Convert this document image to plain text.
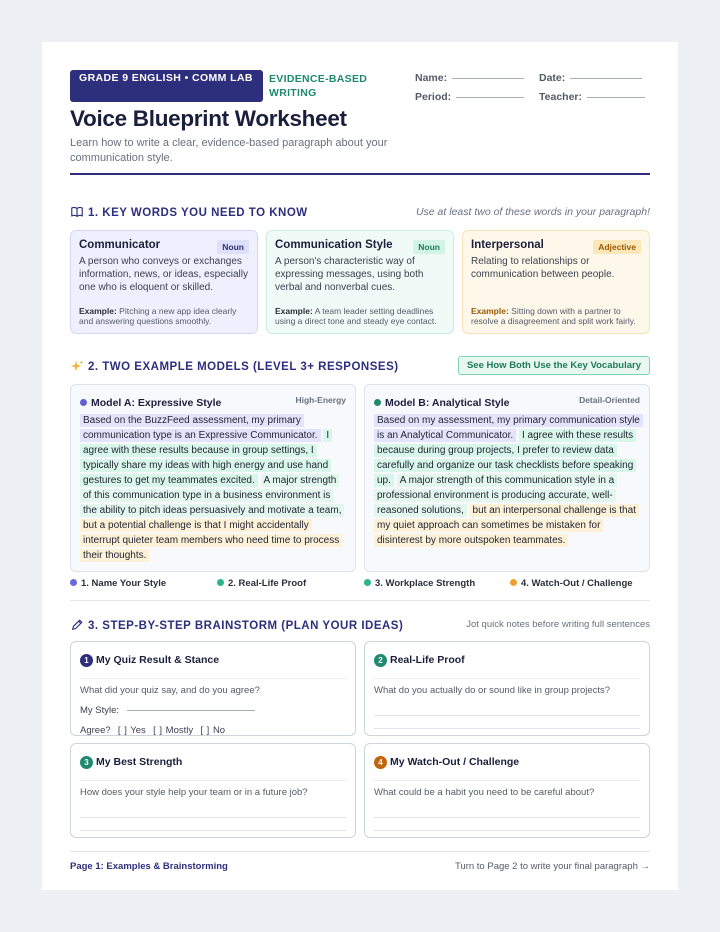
GRADE 9 ENGLISH • COMM LAB	EVIDENCE-BASED WRITING
Name:	Date:
Period:	Teacher:
Voice Blueprint Worksheet
Learn how to write a clear, evidence-based paragraph about your communication style.
1. KEY WORDS YOU NEED TO KNOW	Use at least two of these words in your paragraph!
Communicator	Noun
A person who conveys or exchanges information, news, or ideas, especially one who is eloquent or skilled.
Example: Pitching a new app idea clearly and answering questions smoothly.
Communication Style	Noun
A person's characteristic way of expressing messages, using both verbal and nonverbal cues.
Example: A team leader setting deadlines using a direct tone and steady eye contact.
Interpersonal	Adjective
Relating to relationships or communication between people.
Example: Sitting down with a partner to resolve a disagreement and split work fairly.
2. TWO EXAMPLE MODELS (LEVEL 3+ RESPONSES)	See How Both Use the Key Vocabulary
Model A: Expressive Style	High-Energy
Based on the BuzzFeed assessment, my primary communication type is an Expressive Communicator. I agree with these results because in group settings, I typically share my ideas with high energy and use hand gestures to get my teammates excited. A major strength of this communication type in a business environment is the ability to pitch ideas persuasively and motivate a team, but a potential challenge is that I might accidentally interrupt quieter team members who need time to process their thoughts.
Model B: Analytical Style	Detail-Oriented
Based on my assessment, my primary communication style is an Analytical Communicator. I agree with these results because during group projects, I prefer to review data carefully and organize our task checklists before speaking up. A major strength of this communication style in a professional environment is producing accurate, well-reasoned solutions, but an interpersonal challenge is that my quiet approach can sometimes be mistaken for disinterest by more outspoken teammates.
1. Name Your Style	2. Real-Life Proof	3. Workplace Strength	4. Watch-Out / Challenge
3. STEP-BY-STEP BRAINSTORM (PLAN YOUR IDEAS)	Jot quick notes before writing full sentences
1 My Quiz Result & Stance
What did your quiz say, and do you agree?
My Style:
Agree? [ ] Yes [ ] Mostly [ ] No
2 Real-Life Proof
What do you actually do or sound like in group projects?
3 My Best Strength
How does your style help your team or in a future job?
4 My Watch-Out / Challenge
What could be a habit you need to be careful about?
Page 1: Examples & Brainstorming	Turn to Page 2 to write your final paragraph →
